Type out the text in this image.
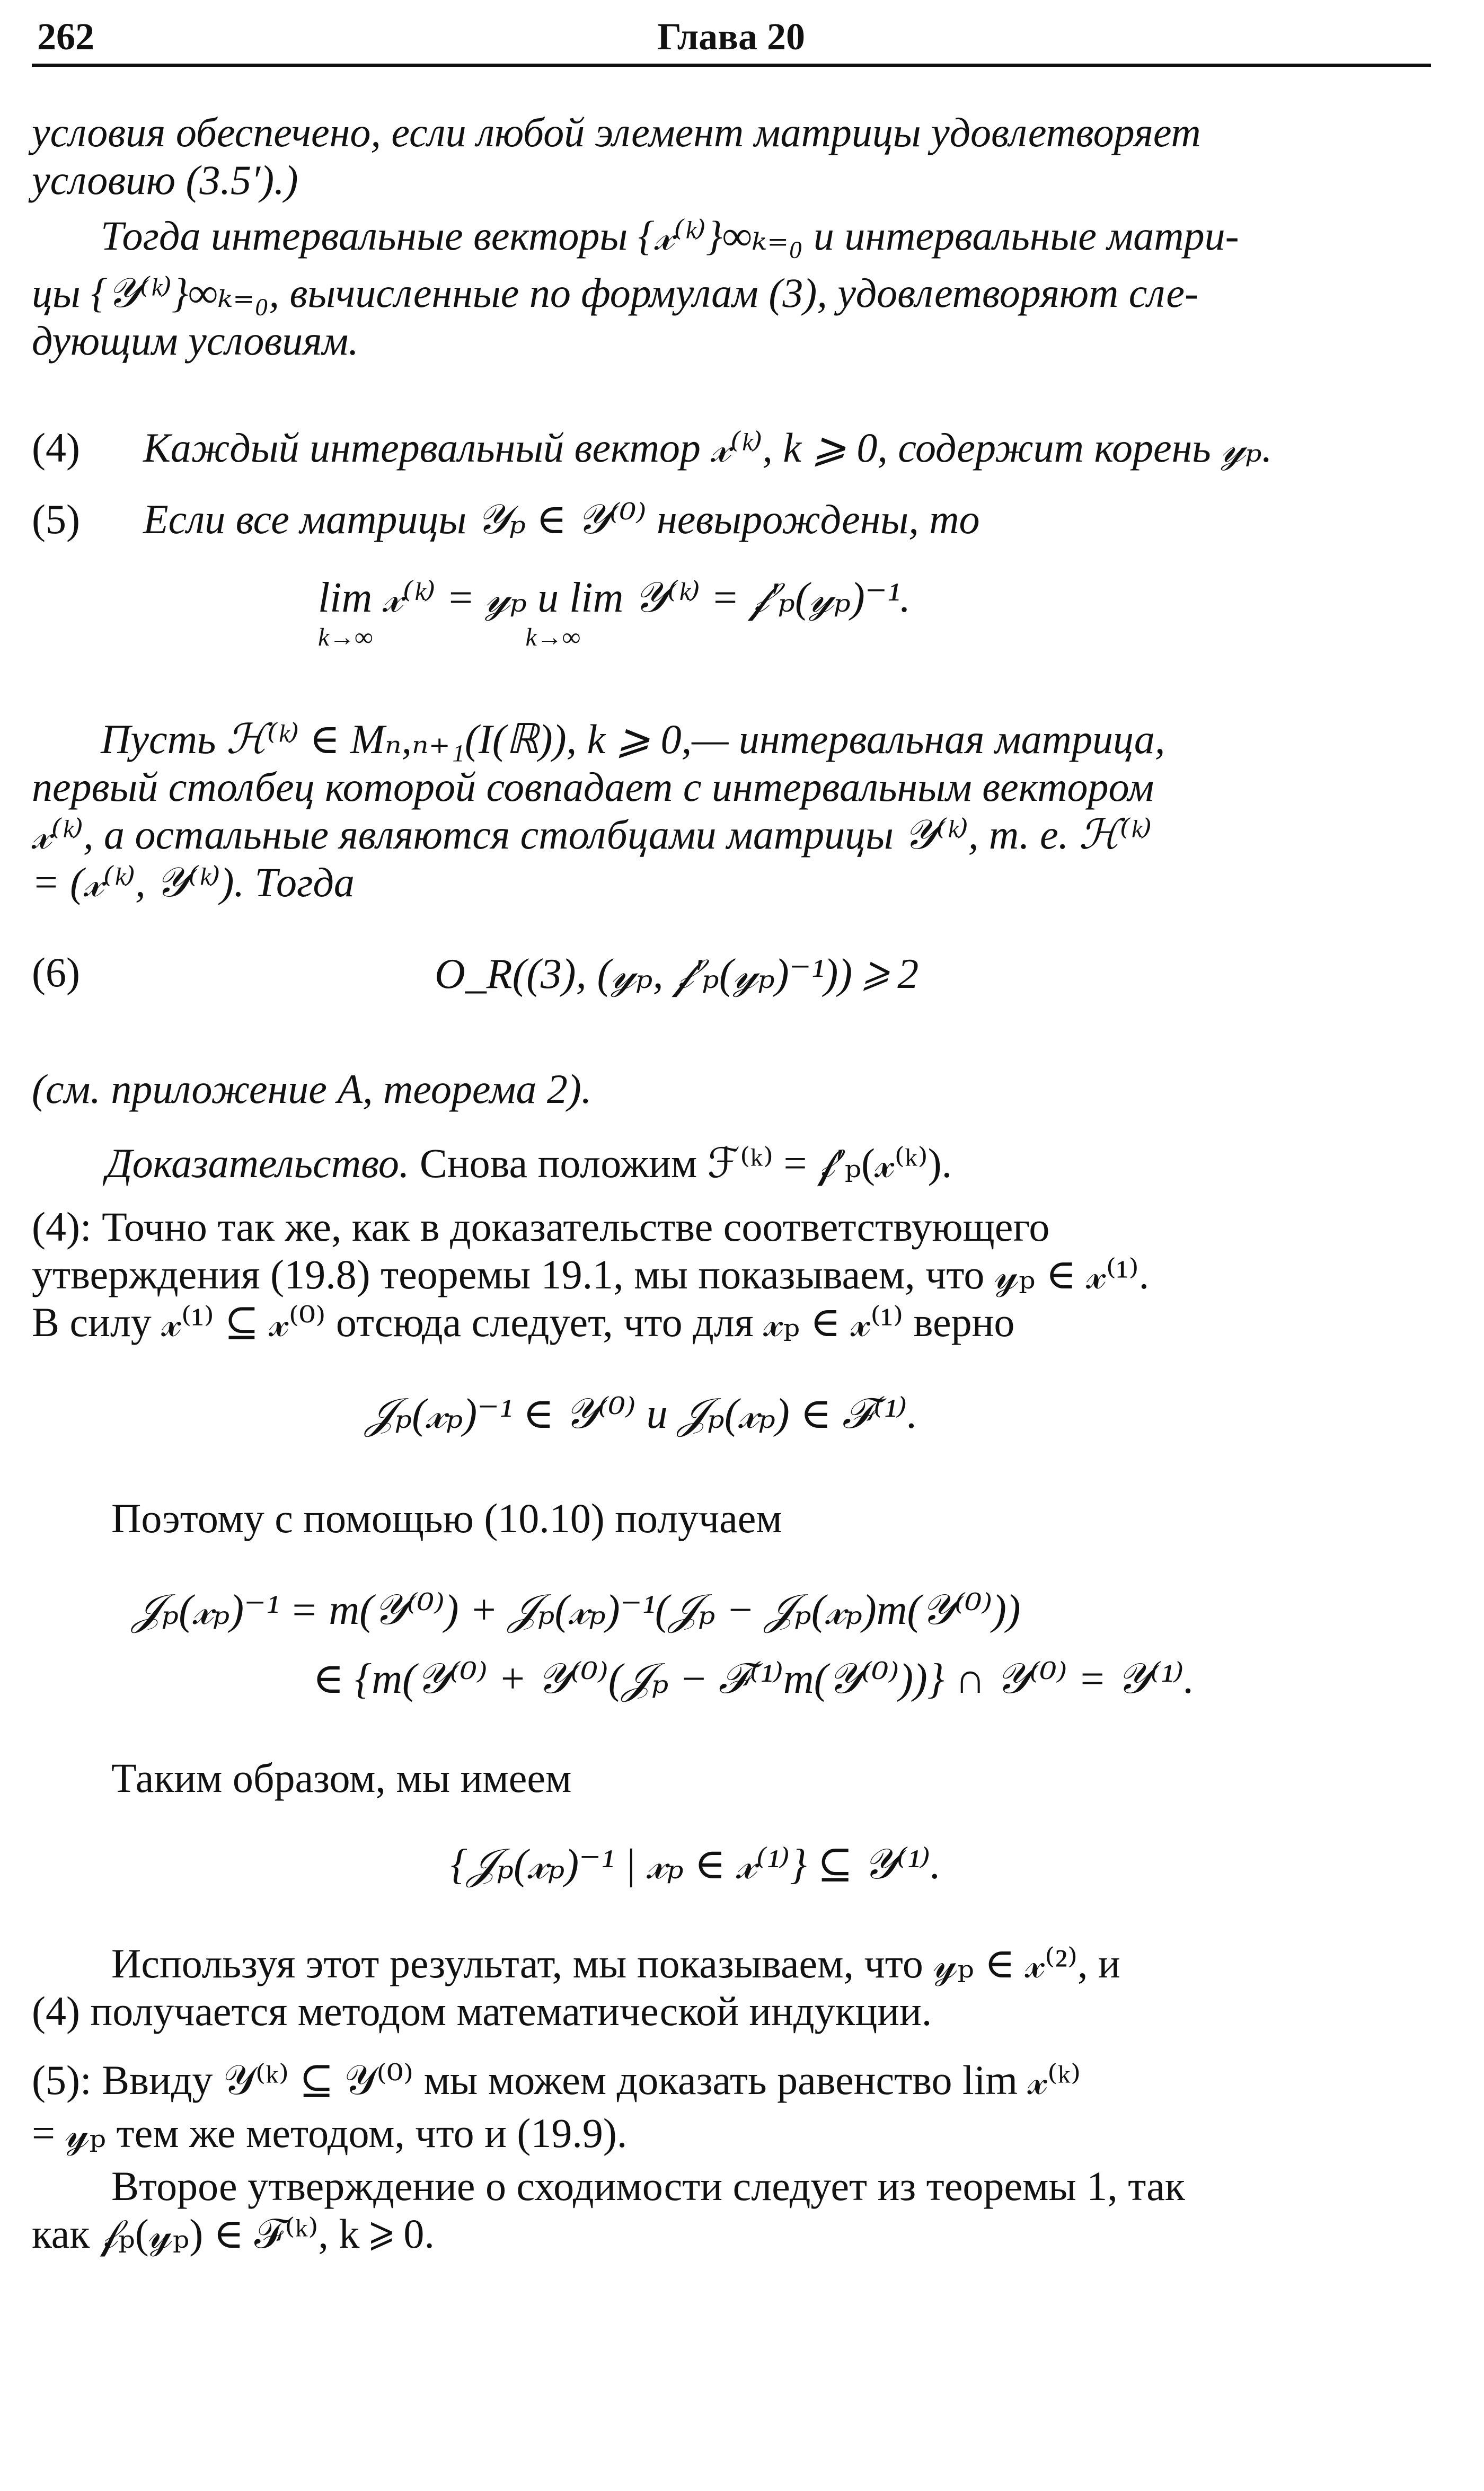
262	Глава 20
условия обеспечено, если любой элемент матрицы удовлетворяет
условию (3.5′).)
Тогда интервальные векторы {𝓍⁽ᵏ⁾}∞ₖ₌₀ и интервальные матри-
цы {𝒴⁽ᵏ⁾}∞ₖ₌₀, вычисленные по формулам (3), удовлетворяют сле-
дующим условиям.
(4) Каждый интервальный вектор 𝓍⁽ᵏ⁾, k ⩾ 0, содержит корень 𝓎ₚ.
(5) Если все матрицы 𝒴ₚ ∈ 𝒴⁽⁰⁾ невырождены, то
lim 𝓍⁽ᵏ⁾ = 𝓎ₚ и lim 𝒴⁽ᵏ⁾ = 𝒻′ₚ(𝓎ₚ)⁻¹.
k→∞                        k→∞
Пусть ℋ⁽ᵏ⁾ ∈ Mₙ,ₙ₊₁(I(ℝ)), k ⩾ 0,— интервальная матрица,
первый столбец которой совпадает с интервальным вектором
𝓍⁽ᵏ⁾, а остальные являются столбцами матрицы 𝒴⁽ᵏ⁾, т. е. ℋ⁽ᵏ⁾
= (𝓍⁽ᵏ⁾, 𝒴⁽ᵏ⁾). Тогда
(6)	O_R((3), (𝓎ₚ, 𝒻′ₚ(𝓎ₚ)⁻¹)) ⩾ 2
(см. приложение А, теорема 2).
Доказательство. Снова положим ℱ⁽ᵏ⁾ = 𝒻′ₚ(𝓍⁽ᵏ⁾).
(4): Точно так же, как в доказательстве соответствующего
утверждения (19.8) теоремы 19.1, мы показываем, что 𝓎ₚ ∈ 𝓍⁽¹⁾.
В силу 𝓍⁽¹⁾ ⊆ 𝓍⁽⁰⁾ отсюда следует, что для 𝓍ₚ ∈ 𝓍⁽¹⁾ верно
𝒥ₚ(𝓍ₚ)⁻¹ ∈ 𝒴⁽⁰⁾ и 𝒥ₚ(𝓍ₚ) ∈ ℱ⁽¹⁾.
Поэтому с помощью (10.10) получаем
𝒥ₚ(𝓍ₚ)⁻¹ = m(𝒴⁽⁰⁾) + 𝒥ₚ(𝓍ₚ)⁻¹(𝒥ₚ − 𝒥ₚ(𝓍ₚ)m(𝒴⁽⁰⁾))
∈ {m(𝒴⁽⁰⁾ + 𝒴⁽⁰⁾(𝒥ₚ − ℱ⁽¹⁾m(𝒴⁽⁰⁾))} ∩ 𝒴⁽⁰⁾ = 𝒴⁽¹⁾.
Таким образом, мы имеем
{𝒥ₚ(𝓍ₚ)⁻¹ | 𝓍ₚ ∈ 𝓍⁽¹⁾} ⊆ 𝒴⁽¹⁾.
Используя этот результат, мы показываем, что 𝓎ₚ ∈ 𝓍⁽²⁾, и
(4) получается методом математической индукции.
(5): Ввиду 𝒴⁽ᵏ⁾ ⊆ 𝒴⁽⁰⁾ мы можем доказать равенство lim 𝓍⁽ᵏ⁾
= 𝓎ₚ тем же методом, что и (19.9).
Второе утверждение о сходимости следует из теоремы 1, так
как 𝒻ₚ(𝓎ₚ) ∈ ℱ⁽ᵏ⁾, k ⩾ 0.
